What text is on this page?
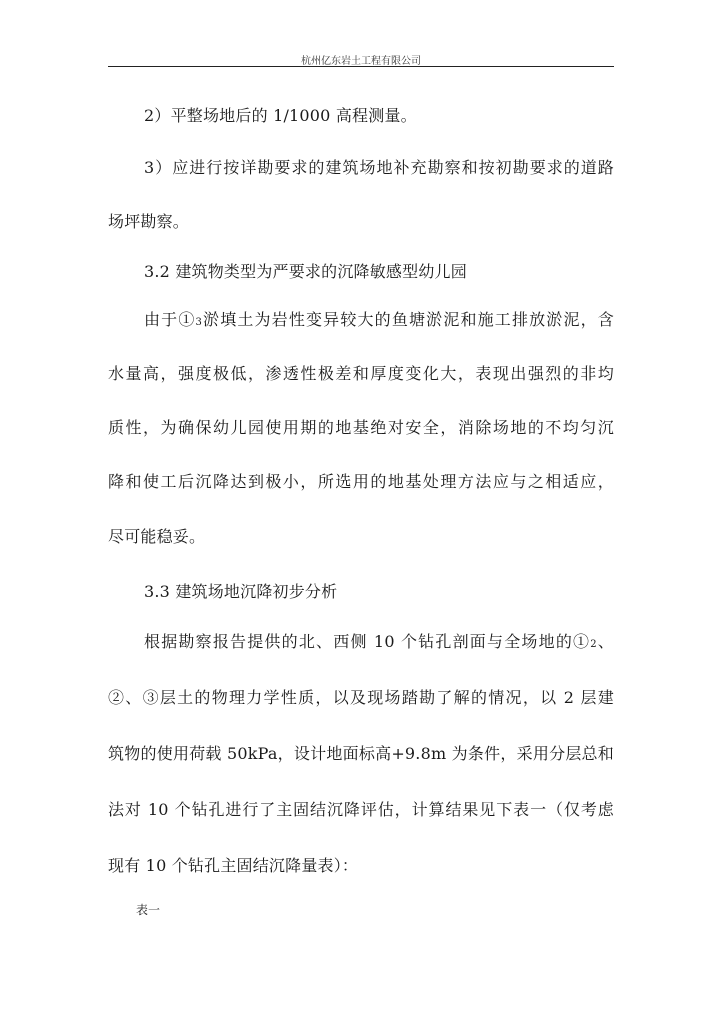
杭州亿东岩土工程有限公司
2）平整场地后的 1/1000 高程测量。
3）应进行按详勘要求的建筑场地补充勘察和按初勘要求的道路
场坪勘察。
3.2 建筑物类型为严要求的沉降敏感型幼儿园
由于①3淤填土为岩性变异较大的鱼塘淤泥和施工排放淤泥，含
水量高，强度极低，渗透性极差和厚度变化大，表现出强烈的非均
质性，为确保幼儿园使用期的地基绝对安全，消除场地的不均匀沉
降和使工后沉降达到极小，所选用的地基处理方法应与之相适应，
尽可能稳妥。
3.3 建筑场地沉降初步分析
根据勘察报告提供的北、西侧 10 个钻孔剖面与全场地的①2、
②、③层土的物理力学性质，以及现场踏勘了解的情况，以 2 层建
筑物的使用荷载 50kPa，设计地面标高+9.8m 为条件，采用分层总和
法对 10 个钻孔进行了主固结沉降评估，计算结果见下表一（仅考虑
现有 10 个钻孔主固结沉降量表）：
表一
